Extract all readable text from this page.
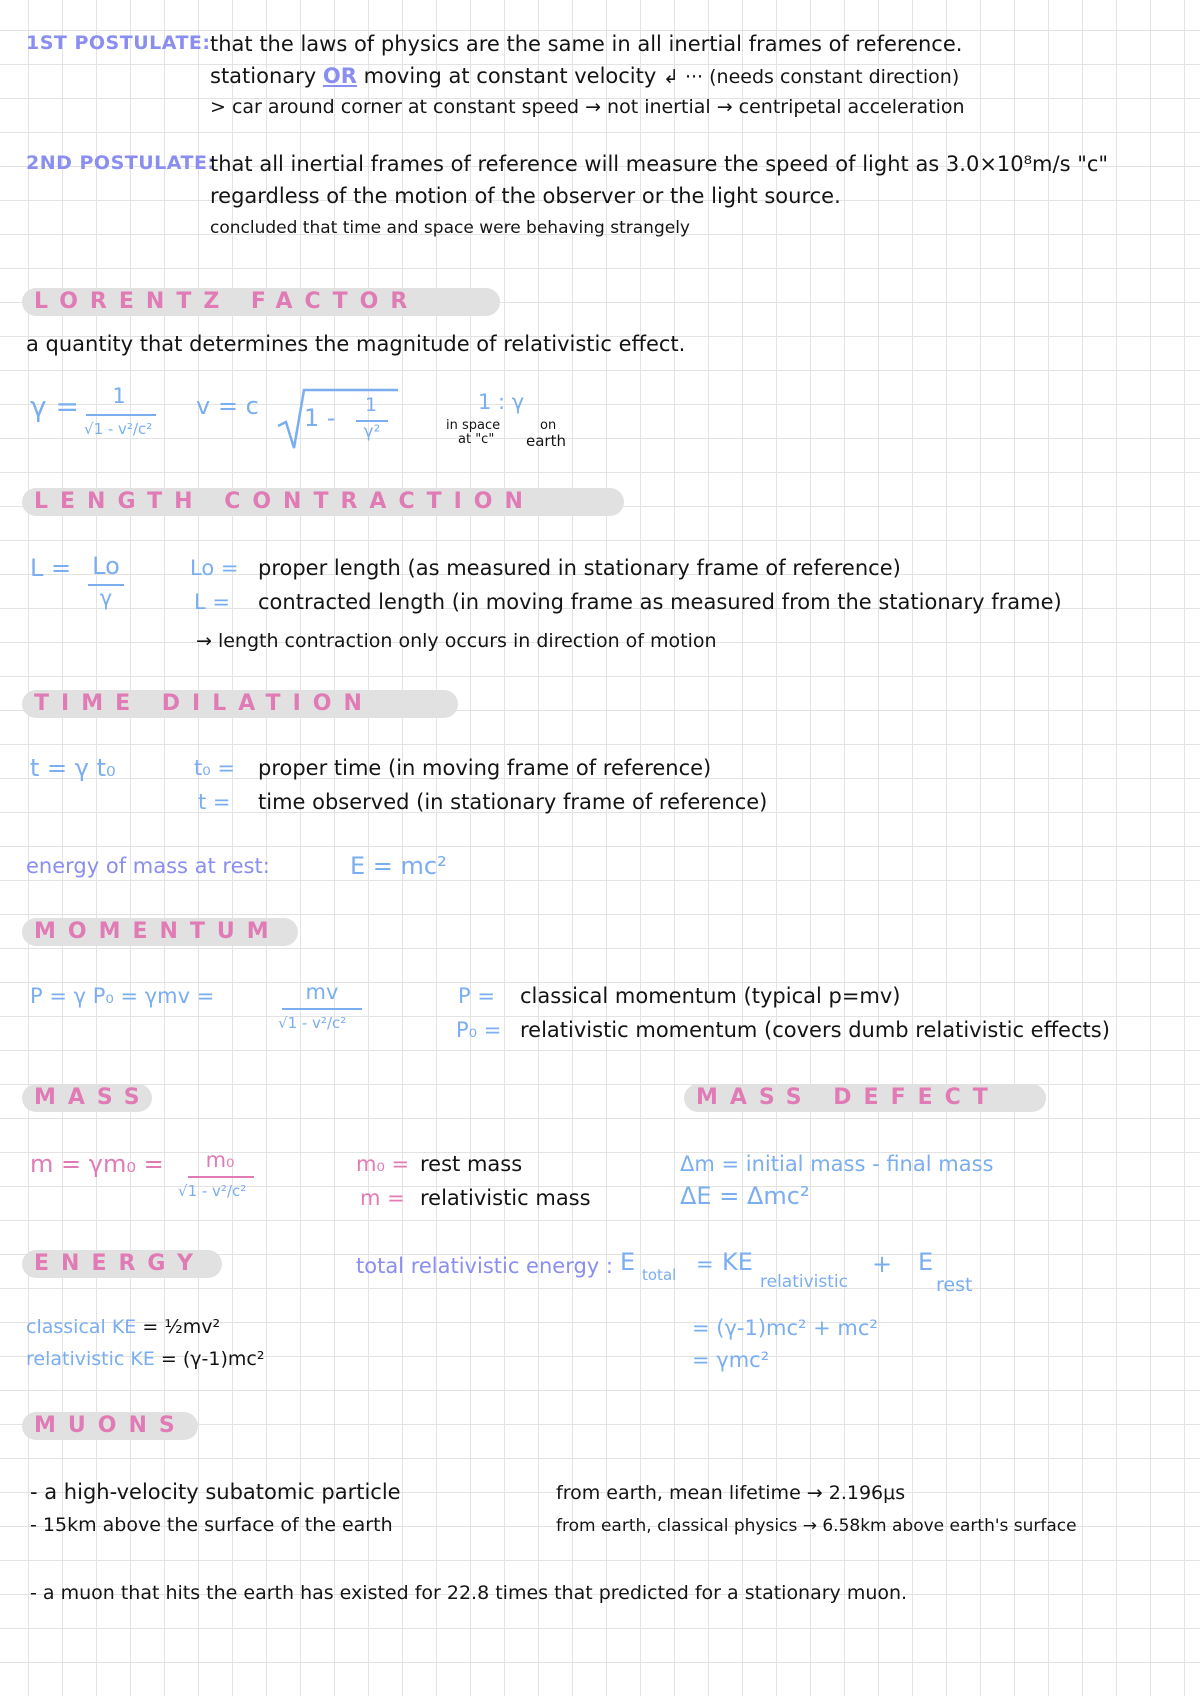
1ST POSTULATE: that the laws of physics are the same in all inertial frames of reference.
stationary OR moving at constant velocity ↲ ··· (needs constant direction)
> car around corner at constant speed → not inertial → centripetal acceleration
2ND POSTULATE:
that all inertial frames of reference will measure the speed of light as 3.0×10⁸m/s "c"
regardless of the motion of the observer or the light source.
concluded that time and space were behaving strangely
LORENTZ FACTOR
a quantity that determines the magnitude of relativistic effect.
γ =	1
√1 - v²/c²
v = c 1 -	1
γ²
1 : γ
in space
at "c"
on
earth
LENGTH CONTRACTION
L = Lo
γ
Lo = proper length (as measured in stationary frame of reference)
L = contracted length (in moving frame as measured from the stationary frame)
→ length contraction only occurs in direction of motion
TIME DILATION
t = γ t₀	t₀ = proper time (in moving frame of reference)
t = time observed (in stationary frame of reference)
energy of mass at rest:	E = mc²
MOMENTUM
P = γ P₀ = γmv =	mv
√1 - v²/c²
P = classical momentum (typical p=mv)
P₀ = relativistic momentum (covers dumb relativistic effects)
MASS
m = γm₀ =	m₀
√1 - v²/c²
m₀ = rest mass
m = relativistic mass
MASS DEFECT
Δm = initial mass - final mass
ΔE = Δmc²
ENERGY	total relativistic energy : E total = KE
relativistic
+ E
rest
= (γ-1)mc² + mc²
= γmc²
classical KE = ½mv²
relativistic KE = (γ-1)mc²
MUONS
- a high-velocity subatomic particle
- 15km above the surface of the earth
from earth, mean lifetime → 2.196μs
from earth, classical physics → 6.58km above earth's surface
- a muon that hits the earth has existed for 22.8 times that predicted for a stationary muon.
